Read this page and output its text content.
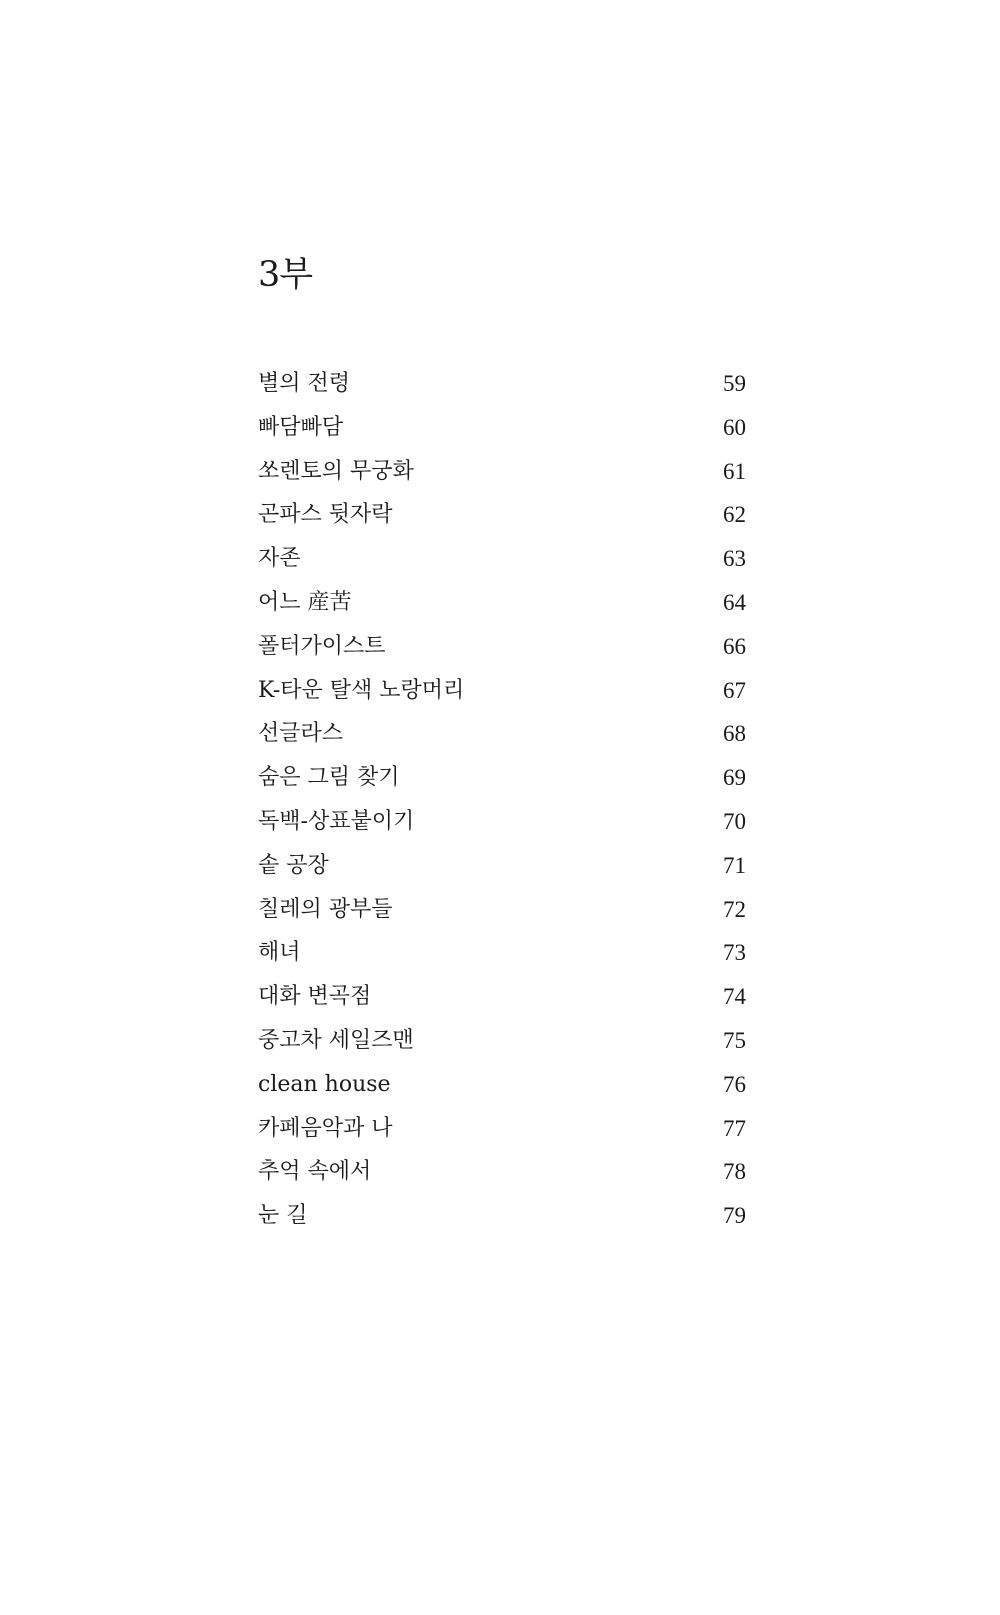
3부
별의 전령	59
빠담빠담	60
쏘렌토의 무궁화	61
곤파스 뒷자락	62
자존	63
어느 産苦	64
폴터가이스트	66
K-타운 탈색 노랑머리	67
선글라스	68
숨은 그림 찾기	69
독백-상표붙이기	70
솥 공장	71
칠레의 광부들	72
해녀	73
대화 변곡점	74
중고차 세일즈맨	75
clean house	76
카페음악과 나	77
추억 속에서	78
눈 길	79
